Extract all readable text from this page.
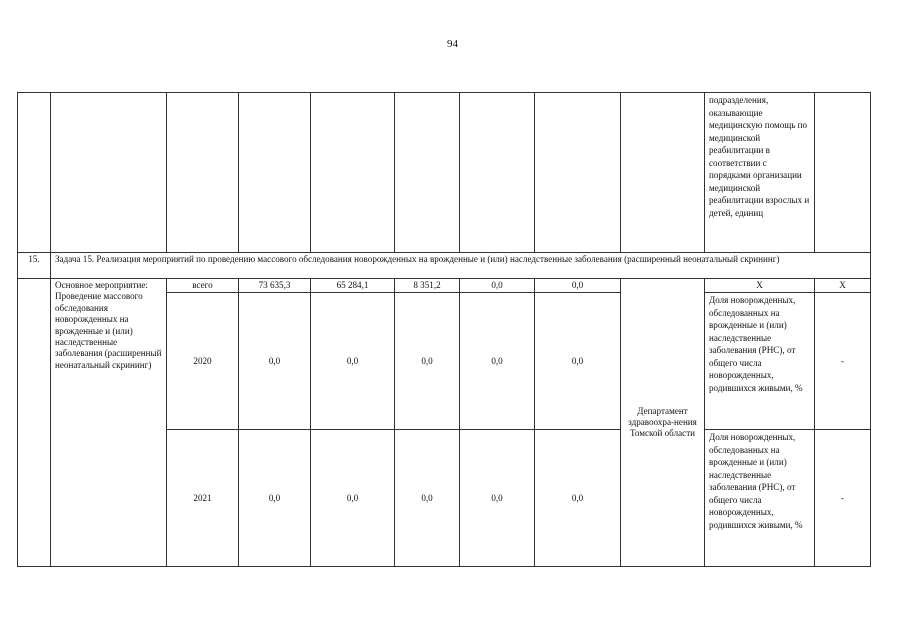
94
									подразделения, оказывающие медицинскую помощь по медицинской реабилитации в соответствии с порядками организации медицинской реабилитации взрослых и детей, единиц	
15.	Задача 15. Реализация мероприятий по проведению массового обследования новорожденных на врожденные и (или) наследственные заболевания (расширенный неонатальный скрининг)									
	Основное мероприятие: Проведение массового обследования новорожденных на врожденные и (или) наследственные заболевания (расширенный неонатальный скрининг)	всего	73 635,3	65 284,1	8 351,2	0,0	0,0	Департамент здравоохра-нения Томской области	Х	Х
		2020	0,0	0,0	0,0	0,0	0,0		Доля новорожденных, обследованных на врожденные и (или) наследственные заболевания (РНС), от общего числа новорожденных, родившихся живыми, %	-
		2021	0,0	0,0	0,0	0,0	0,0		Доля новорожденных, обследованных на врожденные и (или) наследственные заболевания (РНС), от общего числа новорожденных, родившихся живыми, %	-
